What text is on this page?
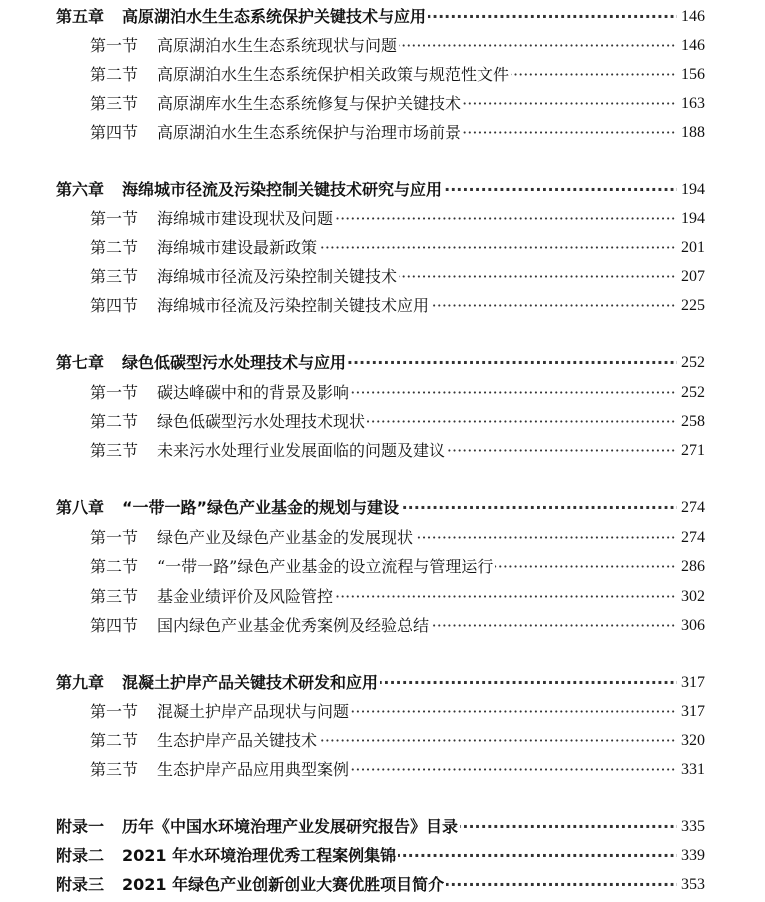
·····
第五章 高原湖泊水生生态系统保护关键技术与应用	146
·····
第一节 高原湖泊水生生态系统现状与问题	146
·····
第二节 高原湖泊水生生态系统保护相关政策与规范性文件	156
·····
第三节 高原湖库水生生态系统修复与保护关键技术	163
·····
第四节 高原湖泊水生生态系统保护与治理市场前景	188
·····
第六章 海绵城市径流及污染控制关键技术研究与应用	194
·····
第一节 海绵城市建设现状及问题	194
·····
第二节 海绵城市建设最新政策	201
·····
第三节 海绵城市径流及污染控制关键技术	207
·····
第四节 海绵城市径流及污染控制关键技术应用	225
·····
第七章 绿色低碳型污水处理技术与应用	252
·····
第一节 碳达峰碳中和的背景及影响	252
·····
第二节 绿色低碳型污水处理技术现状	258
·····
第三节 未来污水处理行业发展面临的问题及建议	271
·····
第八章 “一带一路”绿色产业基金的规划与建设	274
·····
第一节 绿色产业及绿色产业基金的发展现状	274
·····
第二节 “一带一路”绿色产业基金的设立流程与管理运行	286
·····
第三节 基金业绩评价及风险管控	302
·····
第四节 国内绿色产业基金优秀案例及经验总结	306
·····
第九章 混凝土护岸产品关键技术研发和应用	317
·····
第一节 混凝土护岸产品现状与问题	317
·····
第二节 生态护岸产品关键技术	320
·····
第三节 生态护岸产品应用典型案例	331
·····
附录一 历年《中国水环境治理产业发展研究报告》目录	335
·····
附录二 2021 年水环境治理优秀工程案例集锦	339
·····
附录三 2021 年绿色产业创新创业大赛优胜项目简介	353
